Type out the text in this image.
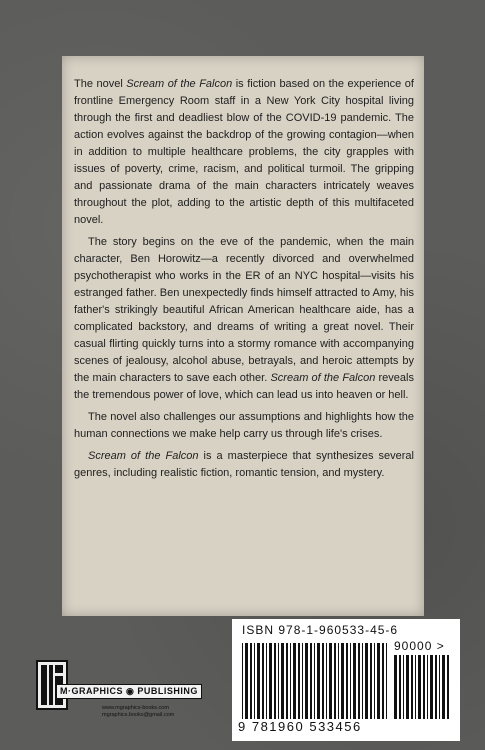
The novel Scream of the Falcon is fiction based on the experience of frontline Emergency Room staff in a New York City hospital living through the first and deadliest blow of the COVID-19 pandemic. The action evolves against the backdrop of the growing contagion—when in addition to multiple healthcare problems, the city grapples with issues of poverty, crime, racism, and political turmoil. The gripping and passionate drama of the main characters intricately weaves throughout the plot, adding to the artistic depth of this multifaceted novel.

The story begins on the eve of the pandemic, when the main character, Ben Horowitz—a recently divorced and overwhelmed psychotherapist who works in the ER of an NYC hospital—visits his estranged father. Ben unexpectedly finds himself attracted to Amy, his father's strikingly beautiful African American healthcare aide, has a complicated backstory, and dreams of writing a great novel. Their casual flirting quickly turns into a stormy romance with accompanying scenes of jealousy, alcohol abuse, betrayals, and heroic attempts by the main characters to save each other. Scream of the Falcon reveals the tremendous power of love, which can lead us into heaven or hell.

The novel also challenges our assumptions and highlights how the human connections we make help carry us through life's crises.

Scream of the Falcon is a masterpiece that synthesizes several genres, including realistic fiction, romantic tension, and mystery.

M·GRAPHICS ◉ PUBLISHING
www.mgraphics-books.com
mgraphics.books@gmail.com
ISBN 978-1-960533-45-6
90000 >
9 781960 533456
